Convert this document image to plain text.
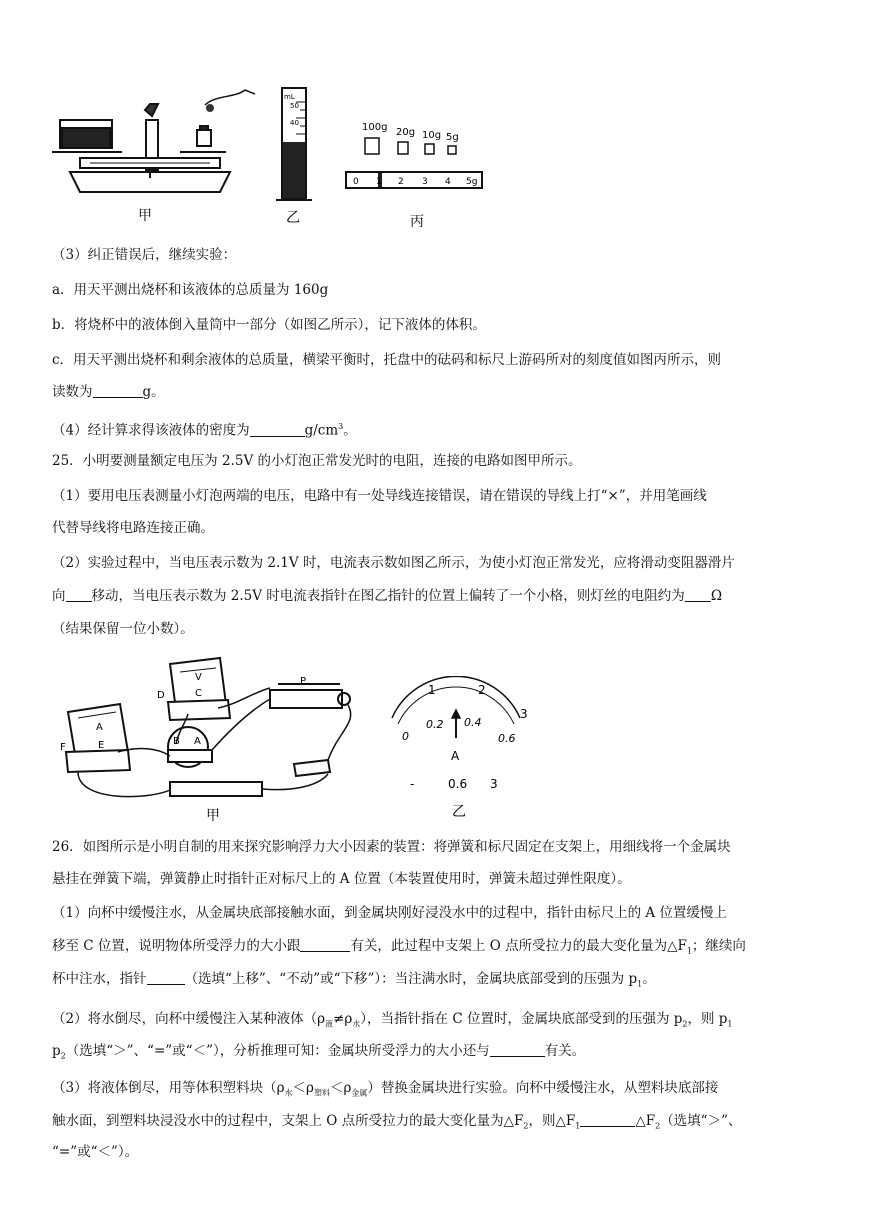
甲
mL
50
40
乙
100g 20g 10g 5g
0 1 2 3 4 5g
丙
（3）纠正错误后，继续实验：
a．用天平测出烧杯和该液体的总质量为 160g
b．将烧杯中的液体倒入量筒中一部分（如图乙所示），记下液体的体积。
c．用天平测出烧杯和剩余液体的总质量，横梁平衡时，托盘中的砝码和标尺上游码所对的刻度值如图丙所示，则
读数为	g。
（4）经计算求得该液体的密度为	$g/cm^3$。
25．小明要测量额定电压为 2.5V 的小灯泡正常发光时的电阻，连接的电路如图甲所示。
（1）要用电压表测量小灯泡两端的电压，电路中有一处导线连接错误，请在错误的导线上打“×”，并用笔画线
代替导线将电路连接正确。
（2）实验过程中，当电压表示数为 2.1V 时，电流表示数如图乙所示，为使小灯泡正常发光，应将滑动变阻器滑片
向 移动，当电压表示数为 2.5V 时电流表指针在图乙指针的位置上偏转了一个小格，则灯丝的电阻约为 Ω
（结果保留一位小数）。
D	C
V
F	E
A
B A
P
甲
1	2
3
0
0.2 0.4
0.6
A
-	0.6 3
乙
26．如图所示是小明自制的用来探究影响浮力大小因素的装置：将弹簧和标尺固定在支架上，用细线将一个金属块
悬挂在弹簧下端，弹簧静止时指针正对标尺上的 A 位置（本装置使用时，弹簧未超过弹性限度）。
（1）向杯中缓慢注水，从金属块底部接触水面，到金属块刚好浸没水中的过程中，指针由标尺上的 A 位置缓慢上
移至 C 位置，说明物体所受浮力的大小跟	有关，此过程中支架上 O 点所受拉力的最大变化量为$\triangle F_1$；继续向
杯中注水，指针	（选填“上移”、“不动”或“下移”）：当注满水时，金属块底部受到的压强为 $p_1$。
（2）将水倒尽，向杯中缓慢注入某种液体$(\rho_液\ne\rho_水)$，当指针指在 C 位置时，金属块底部受到的压强为 $p_2$，则 $p_1$
$p_2$（选填“＞”、“=”或“＜”），分析推理可知：金属块所受浮力的大小还与	有关。
（3）将液体倒尽，用等体积塑料块$(\rho_水<\rho_{塑料}<\rho_{金属})$替换金属块进行实验。向杯中缓慢注水，从塑料块底部接
触水面，到塑料块浸没水中的过程中，支架上 O 点所受拉力的最大变化量为$\triangle F_2$，则$\triangle F_1$	$\triangle F_2$（选填“＞”、
“=”或“＜”）。
